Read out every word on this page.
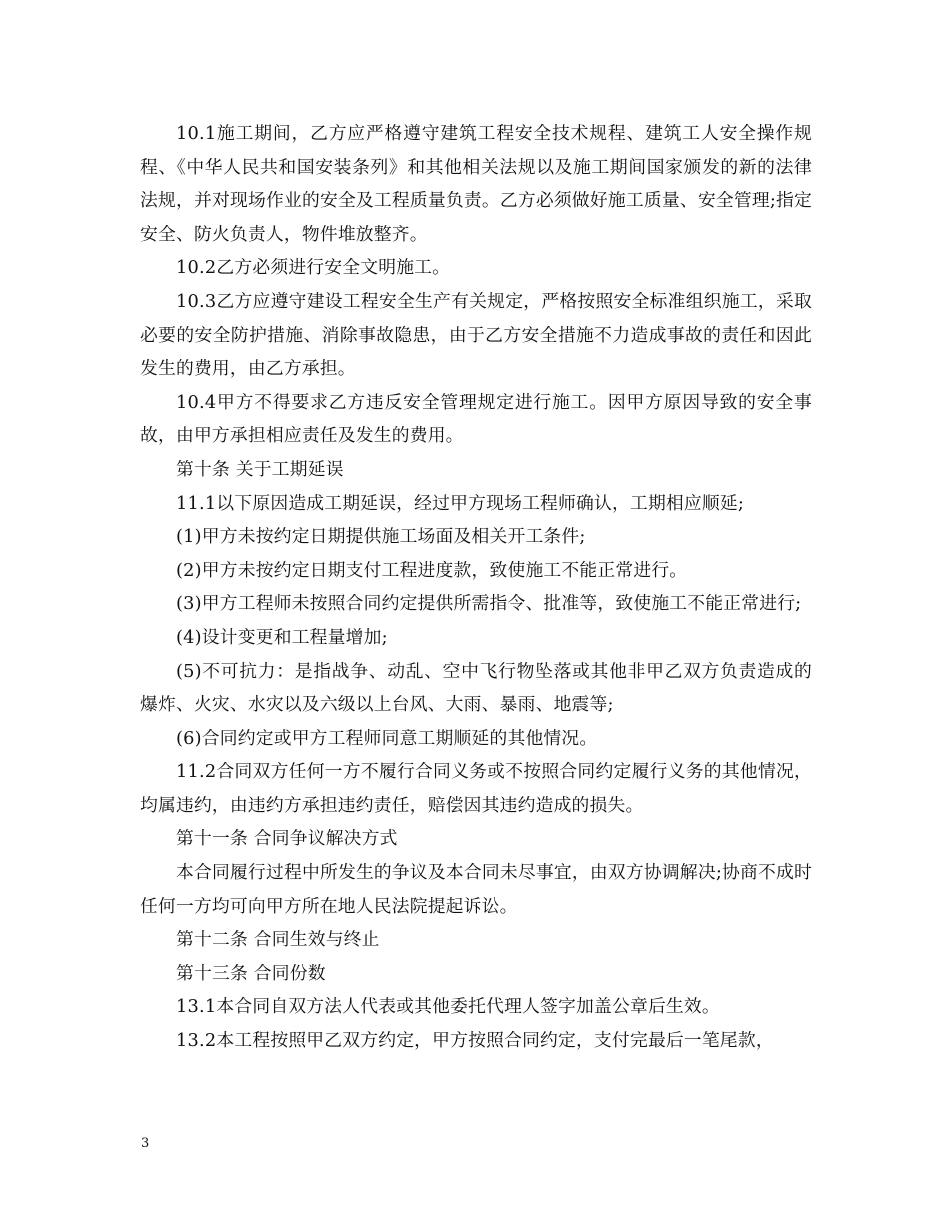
10.1施工期间，乙方应严格遵守建筑工程安全技术规程、建筑工人安全操作规程、《中华人民共和国安装条列》和其他相关法规以及施工期间国家颁发的新的法律法规，并对现场作业的安全及工程质量负责。乙方必须做好施工质量、安全管理;指定安全、防火负责人，物件堆放整齐。

10.2乙方必须进行安全文明施工。

10.3乙方应遵守建设工程安全生产有关规定，严格按照安全标准组织施工，采取必要的安全防护措施、消除事故隐患，由于乙方安全措施不力造成事故的责任和因此发生的费用，由乙方承担。

10.4甲方不得要求乙方违反安全管理规定进行施工。因甲方原因导致的安全事故，由甲方承担相应责任及发生的费用。

第十条 关于工期延误

11.1以下原因造成工期延误，经过甲方现场工程师确认，工期相应顺延;

(1)甲方未按约定日期提供施工场面及相关开工条件;

(2)甲方未按约定日期支付工程进度款，致使施工不能正常进行。

(3)甲方工程师未按照合同约定提供所需指令、批准等，致使施工不能正常进行;

(4)设计变更和工程量增加;

(5)不可抗力：是指战争、动乱、空中飞行物坠落或其他非甲乙双方负责造成的爆炸、火灾、水灾以及六级以上台风、大雨、暴雨、地震等;

(6)合同约定或甲方工程师同意工期顺延的其他情况。

11.2合同双方任何一方不履行合同义务或不按照合同约定履行义务的其他情况，均属违约，由违约方承担违约责任，赔偿因其违约造成的损失。

第十一条 合同争议解决方式

本合同履行过程中所发生的争议及本合同未尽事宜，由双方协调解决;协商不成时任何一方均可向甲方所在地人民法院提起诉讼。

第十二条 合同生效与终止

第十三条 合同份数

13.1本合同自双方法人代表或其他委托代理人签字加盖公章后生效。

13.2本工程按照甲乙双方约定，甲方按照合同约定，支付完最后一笔尾款，

3
